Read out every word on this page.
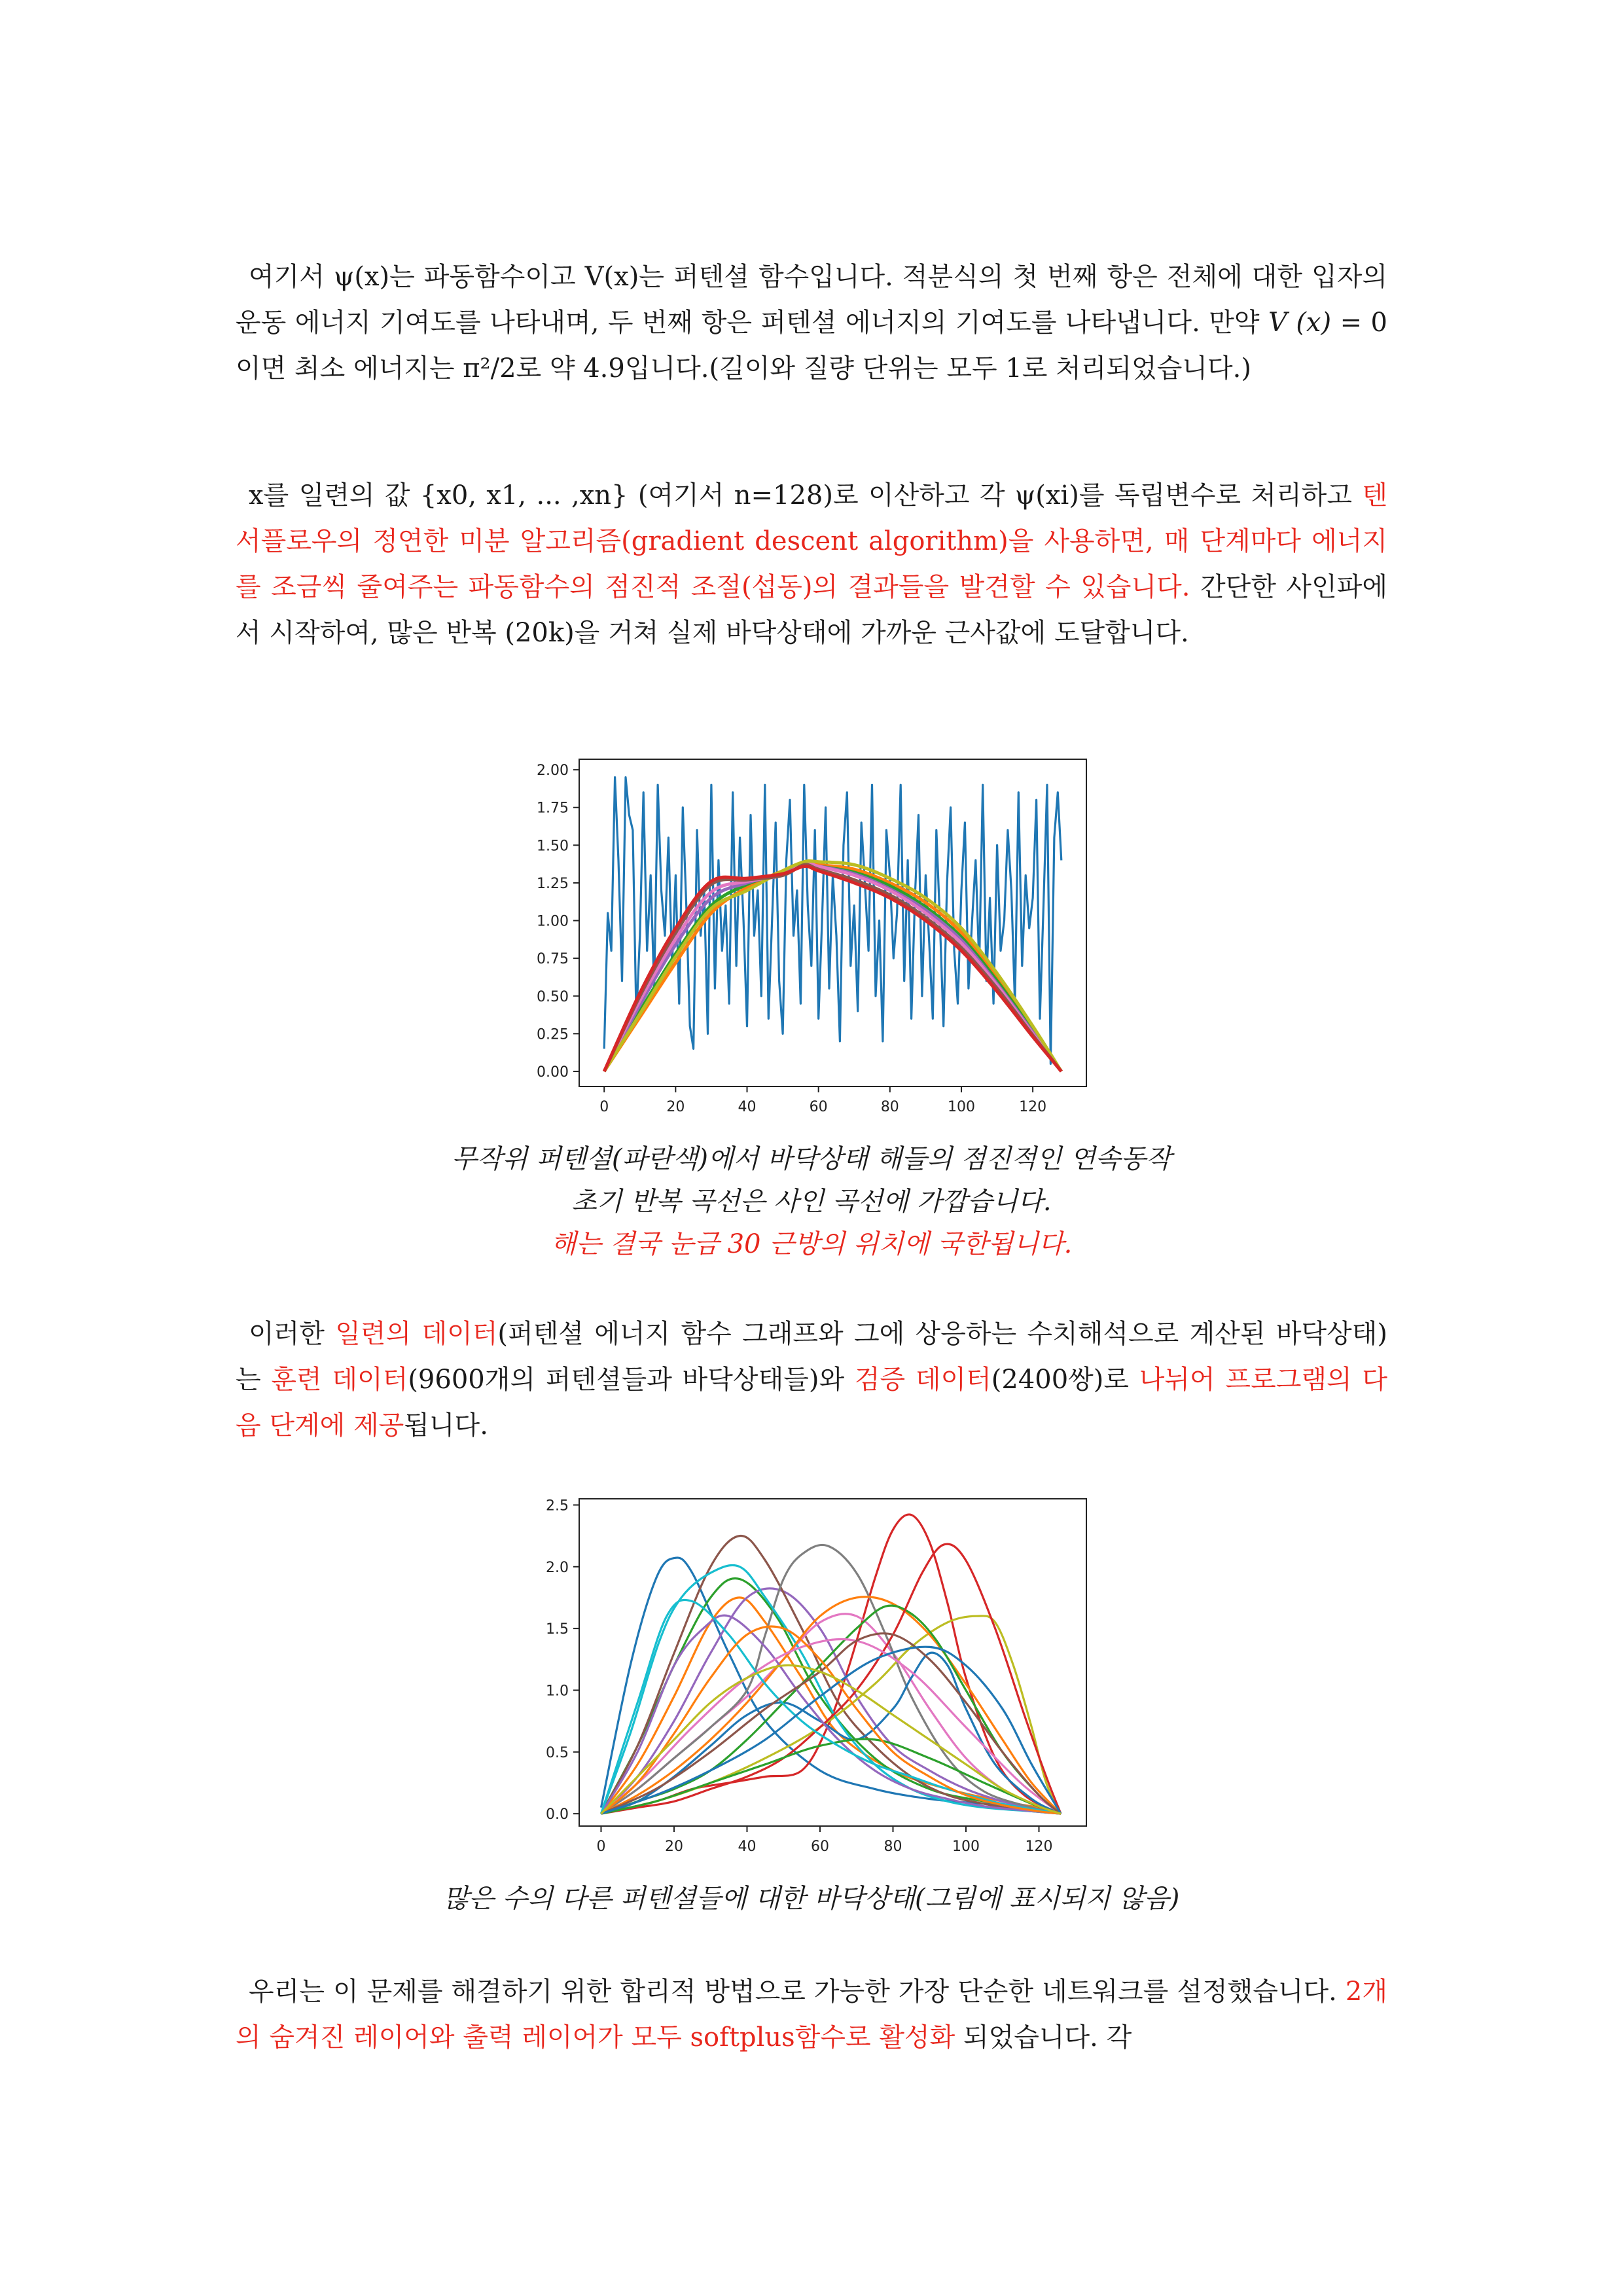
여기서 ψ(x)는 파동함수이고 V(x)는 퍼텐셜 함수입니다. 적분식의 첫 번째 항은 전체에 대한 입자의 운동 에너지 기여도를 나타내며, 두 번째 항은 퍼텐셜 에너지의 기여도를 나타냅니다. 만약 V (x) = 0이면 최소 에너지는 π²/2로 약 4.9입니다.(길이와 질량 단위는 모두 1로 처리되었습니다.)
x를 일련의 값 {x0, x1, ... ,xn} (여기서 n=128)로 이산하고 각 ψ(xi)를 독립변수로 처리하고 텐서플로우의 정연한 미분 알고리즘(gradient descent algorithm)을 사용하면, 매 단계마다 에너지를 조금씩 줄여주는 파동함수의 점진적 조절(섭동)의 결과들을 발견할 수 있습니다. 간단한 사인파에서 시작하여, 많은 반복 (20k)을 거쳐 실제 바닥상태에 가까운 근사값에 도달합니다.
0	20	40	60	80	100	120
0.00
0.25
0.50
0.75
1.00
1.25
1.50
1.75
2.00
무작위 퍼텐셜(파란색)에서 바닥상태 해들의 점진적인 연속동작
초기 반복 곡선은 사인 곡선에 가깝습니다.
해는 결국 눈금 30 근방의 위치에 국한됩니다.
이러한 일련의 데이터(퍼텐셜 에너지 함수 그래프와 그에 상응하는 수치해석으로 계산된 바닥상태)는 훈련 데이터(9600개의 퍼텐셜들과 바닥상태들)와 검증 데이터(2400쌍)로 나뉘어 프로그램의 다음 단계에 제공됩니다.
0	20	40	60	80	100	120
0.0
0.5
1.0
1.5
2.0
2.5
많은 수의 다른 퍼텐셜들에 대한 바닥상태(그림에 표시되지 않음)
우리는 이 문제를 해결하기 위한 합리적 방법으로 가능한 가장 단순한 네트워크를 설정했습니다. 2개의 숨겨진 레이어와 출력 레이어가 모두 softplus함수로 활성화 되었습니다. 각
